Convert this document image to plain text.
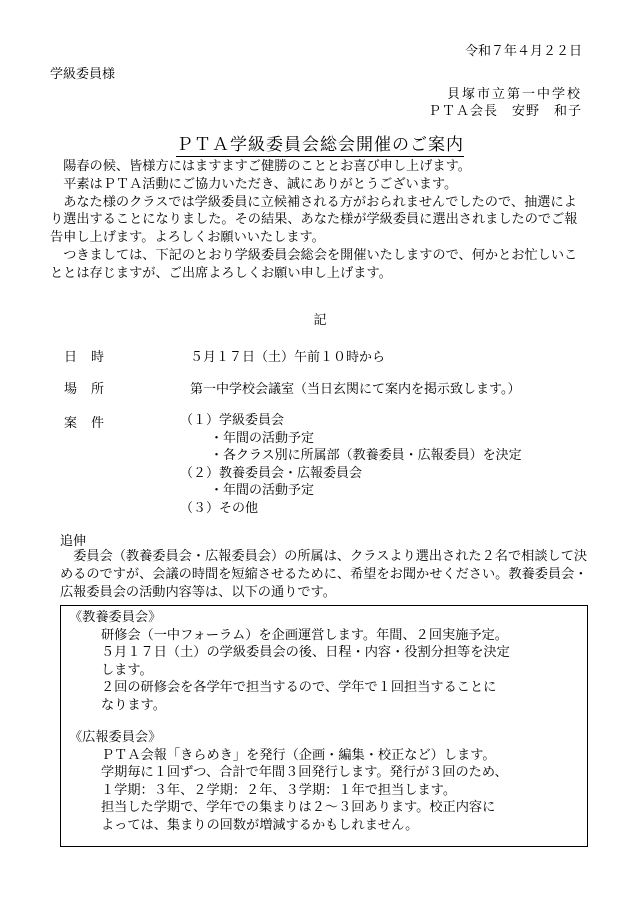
令和７年４月２２日
学級委員様
貝塚市立第一中学校
ＰＴＡ会長　安野　和子
ＰＴＡ学級委員会総会開催のご案内

陽春の候、皆様方にはますますご健勝のこととお喜び申し上げます。

平素はＰＴＡ活動にご協力いただき、誠にありがとうございます。

あなた様のクラスでは学級委員に立候補される方がおられませんでしたので、抽選により選出することになりました。その結果、あなた様が学級委員に選出されましたのでご報告申し上げます。よろしくお願いいたします。

つきましては、下記のとおり学級委員会総会を開催いたしますので、何かとお忙しいこととは存じますが、ご出席よろしくお願い申し上げます。

記
日時	５月１７日（土）午前１０時から
場所	第一中学校会議室（当日玄関にて案内を掲示致します。）
案件	（１）学級委員会
・年間の活動予定
・各クラス別に所属部（教養委員・広報委員）を決定
（２）教養委員会・広報委員会
・年間の活動予定
（３）その他
追伸
委員会（教養委員会・広報委員会）の所属は、クラスより選出された２名で相談して決めるのですが、会議の時間を短縮させるために、希望をお聞かせください。教養委員会・広報委員会の活動内容等は、以下の通りです。
《教養委員会》
研修会（一中フォーラム）を企画運営します。年間、２回実施予定。
５月１７日（土）の学級委員会の後、日程・内容・役割分担等を決定
します。
２回の研修会を各学年で担当するので、学年で１回担当することに
なります。
《広報委員会》
ＰＴＡ会報「きらめき」を発行（企画・編集・校正など）します。
学期毎に１回ずつ、合計で年間３回発行します。発行が３回のため、
１学期：３年、２学期：２年、３学期：１年で担当します。
担当した学期で、学年での集まりは２～３回あります。校正内容に
よっては、集まりの回数が増減するかもしれません。
